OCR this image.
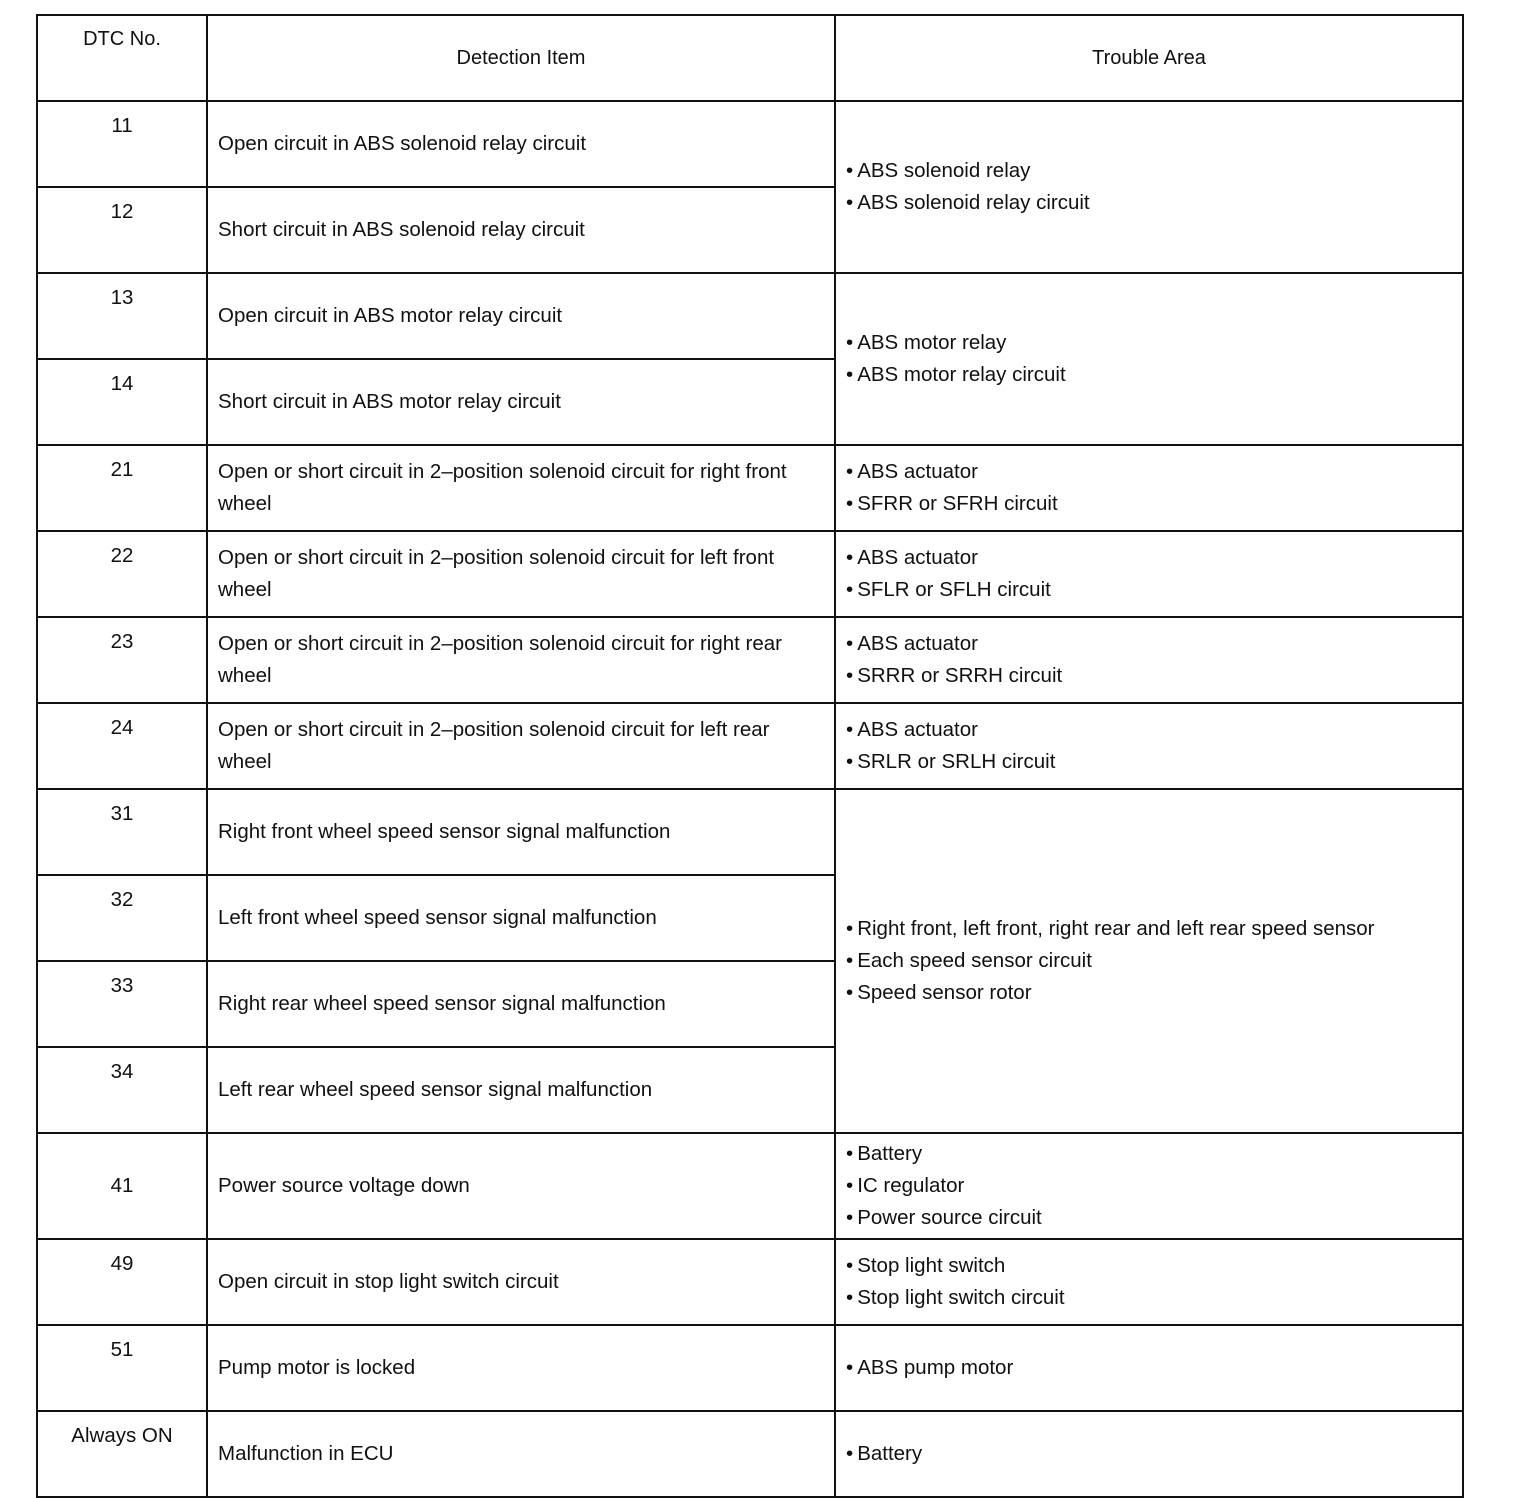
DTC No.	Detection Item	Trouble Area
11	Open circuit in ABS solenoid relay circuit	• ABS solenoid relay
• ABS solenoid relay circuit

12	Short circuit in ABS solenoid relay circuit	
13	Open circuit in ABS motor relay circuit	• ABS motor relay
• ABS motor relay circuit

14	Short circuit in ABS motor relay circuit	
21	Open or short circuit in 2–position solenoid circuit for right front wheel	• ABS actuator
• SFRR or SFRH circuit

22	Open or short circuit in 2–position solenoid circuit for left front wheel	• ABS actuator
• SFLR or SFLH circuit

23	Open or short circuit in 2–position solenoid circuit for right rear wheel	• ABS actuator
• SRRR or SRRH circuit

24	Open or short circuit in 2–position solenoid circuit for left rear wheel	• ABS actuator
• SRLR or SRLH circuit

31	Right front wheel speed sensor signal malfunction	• Right front, left front, right rear and left rear speed sensor
• Each speed sensor circuit
• Speed sensor rotor

32	Left front wheel speed sensor signal malfunction	
33	Right rear wheel speed sensor signal malfunction	
34	Left rear wheel speed sensor signal malfunction	
41	Power source voltage down	• Battery
• IC regulator
• Power source circuit

49	Open circuit in stop light switch circuit	• Stop light switch
• Stop light switch circuit

51	Pump motor is locked	• ABS pump motor

Always ON	Malfunction in ECU	• Battery
